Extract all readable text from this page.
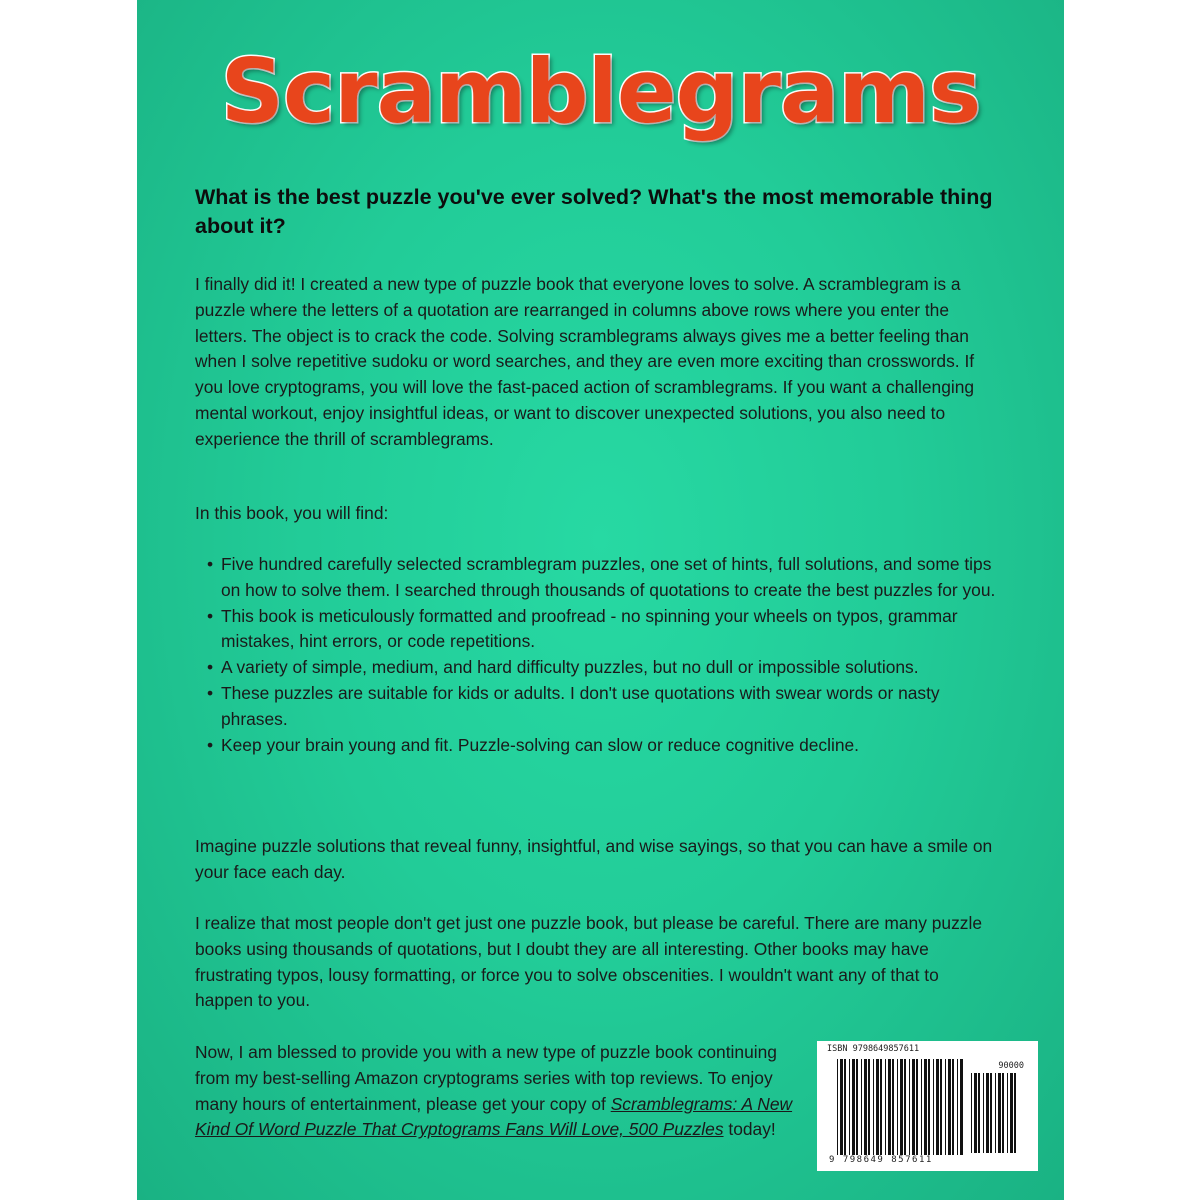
Scramblegrams
What is the best puzzle you've ever solved? What's the most memorable thing about it?
I finally did it! I created a new type of puzzle book that everyone loves to solve. A scramblegram is a puzzle where the letters of a quotation are rearranged in columns above rows where you enter the letters. The object is to crack the code. Solving scramblegrams always gives me a better feeling than when I solve repetitive sudoku or word searches, and they are even more exciting than crosswords. If you love cryptograms, you will love the fast-paced action of scramblegrams. If you want a challenging mental workout, enjoy insightful ideas, or want to discover unexpected solutions, you also need to experience the thrill of scramblegrams.
In this book, you will find:
• Five hundred carefully selected scramblegram puzzles, one set of hints, full solutions, and some tips on how to solve them. I searched through thousands of quotations to create the best puzzles for you.
• This book is meticulously formatted and proofread - no spinning your wheels on typos, grammar mistakes, hint errors, or code repetitions.
• A variety of simple, medium, and hard difficulty puzzles, but no dull or impossible solutions.
• These puzzles are suitable for kids or adults. I don't use quotations with swear words or nasty phrases.
• Keep your brain young and fit. Puzzle-solving can slow or reduce cognitive decline.
Imagine puzzle solutions that reveal funny, insightful, and wise sayings, so that you can have a smile on your face each day.
I realize that most people don't get just one puzzle book, but please be careful. There are many puzzle books using thousands of quotations, but I doubt they are all interesting. Other books may have frustrating typos, lousy formatting, or force you to solve obscenities. I wouldn't want any of that to happen to you.
Now, I am blessed to provide you with a new type of puzzle book continuing from my best-selling Amazon cryptograms series with top reviews. To enjoy many hours of entertainment, please get your copy of Scramblegrams: A New Kind Of Word Puzzle That Cryptograms Fans Will Love, 500 Puzzles today!
ISBN 9798649857611
90000
9 798649 857611
